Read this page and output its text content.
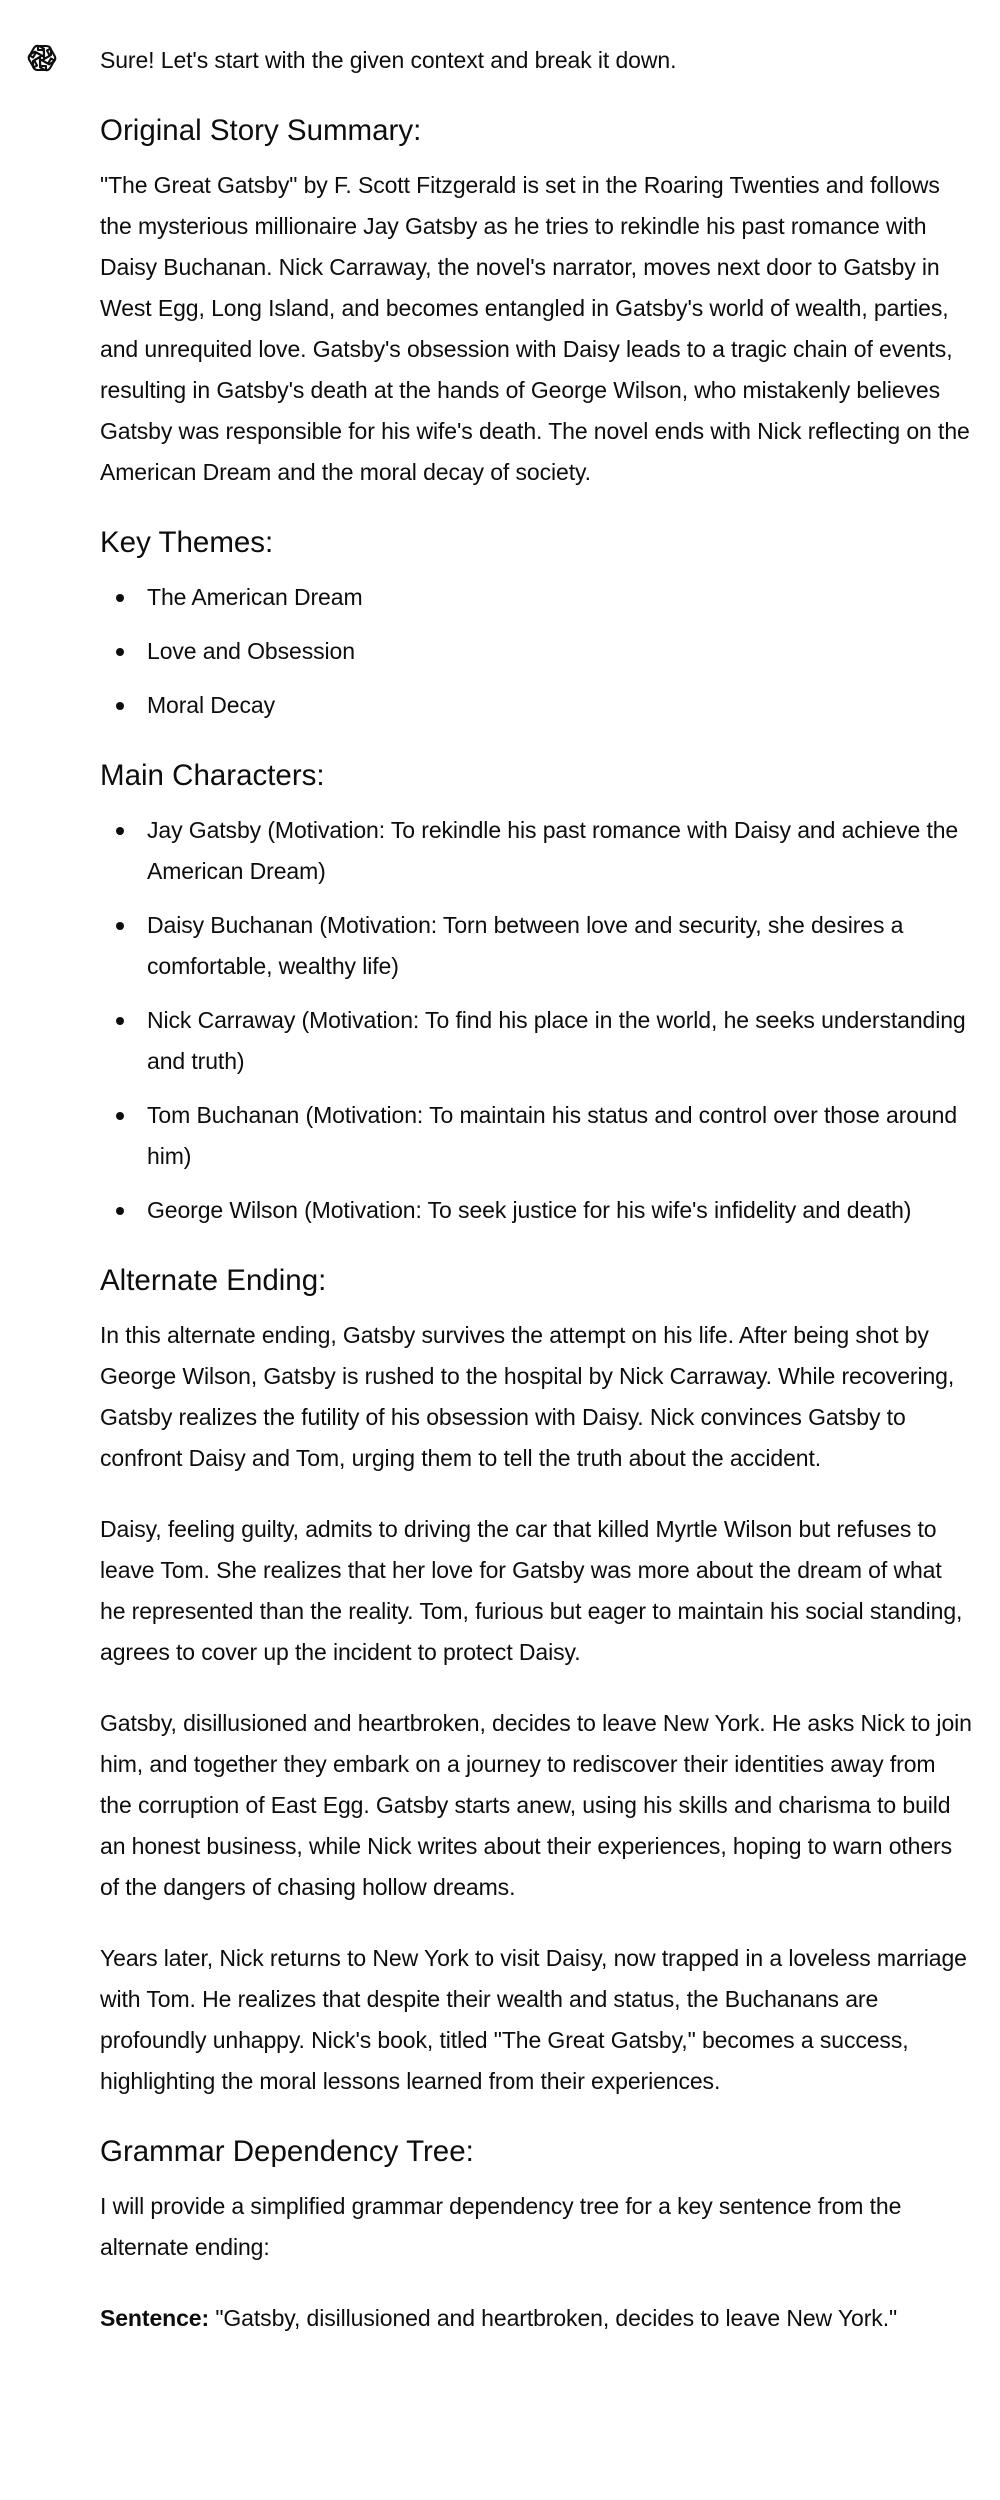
Sure! Let's start with the given context and break it down.

Original Story Summary:

"The Great Gatsby" by F. Scott Fitzgerald is set in the Roaring Twenties and follows the mysterious millionaire Jay Gatsby as he tries to rekindle his past romance with Daisy Buchanan. Nick Carraway, the novel's narrator, moves next door to Gatsby in West Egg, Long Island, and becomes entangled in Gatsby's world of wealth, parties, and unrequited love. Gatsby's obsession with Daisy leads to a tragic chain of events, resulting in Gatsby's death at the hands of George Wilson, who mistakenly believes Gatsby was responsible for his wife's death. The novel ends with Nick reflecting on the American Dream and the moral decay of society.

Key Themes:
The American Dream
Love and Obsession
Moral Decay
Main Characters:
Jay Gatsby (Motivation: To rekindle his past romance with Daisy and achieve the American Dream)
Daisy Buchanan (Motivation: Torn between love and security, she desires a comfortable, wealthy life)
Nick Carraway (Motivation: To find his place in the world, he seeks understanding and truth)
Tom Buchanan (Motivation: To maintain his status and control over those around him)
George Wilson (Motivation: To seek justice for his wife's infidelity and death)
Alternate Ending:

In this alternate ending, Gatsby survives the attempt on his life. After being shot by George Wilson, Gatsby is rushed to the hospital by Nick Carraway. While recovering, Gatsby realizes the futility of his obsession with Daisy. Nick convinces Gatsby to confront Daisy and Tom, urging them to tell the truth about the accident.

Daisy, feeling guilty, admits to driving the car that killed Myrtle Wilson but refuses to leave Tom. She realizes that her love for Gatsby was more about the dream of what he represented than the reality. Tom, furious but eager to maintain his social standing, agrees to cover up the incident to protect Daisy.

Gatsby, disillusioned and heartbroken, decides to leave New York. He asks Nick to join him, and together they embark on a journey to rediscover their identities away from the corruption of East Egg. Gatsby starts anew, using his skills and charisma to build an honest business, while Nick writes about their experiences, hoping to warn others of the dangers of chasing hollow dreams.

Years later, Nick returns to New York to visit Daisy, now trapped in a loveless marriage with Tom. He realizes that despite their wealth and status, the Buchanans are profoundly unhappy. Nick's book, titled "The Great Gatsby," becomes a success, highlighting the moral lessons learned from their experiences.

Grammar Dependency Tree:

I will provide a simplified grammar dependency tree for a key sentence from the alternate ending:

Sentence: "Gatsby, disillusioned and heartbroken, decides to leave New York."
